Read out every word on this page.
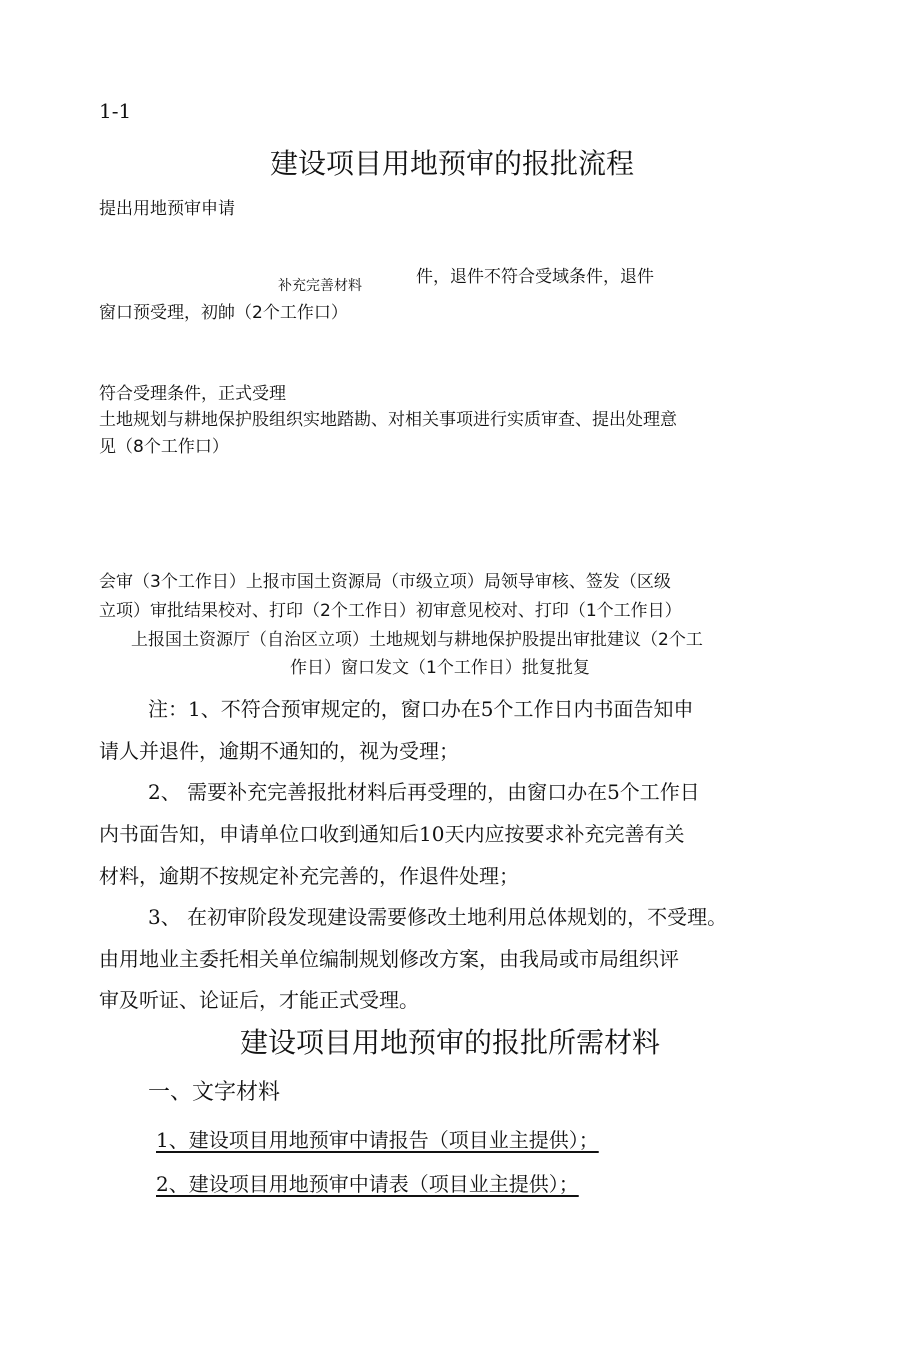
1-1
建设项目用地预审的报批流程
提出用地预审申请
补充完善材料	件，退件不符合受域条件，退件
窗口预受理，初帥（2个工作口）
符合受理条件，正式受理
土地规划与耕地保护股组织实地踏勘、对相关事项进行实质审查、提出处理意
见（8个工作口）
会审（3个工作日）上报市国土资源局（市级立项）局领导审核、签发（区级
立项）审批结果校对、打印（2个工作日）初审意见校对、打印（1个工作日）
上报国土资源厅（自治区立项）土地规划与耕地保护股提出审批建议（2个工
作日）窗口发文（1个工作日）批复批复
注：1、不符合预审规定的，窗口办在5个工作日内书面告知申
请人并退件，逾期不通知的，视为受理；
2、 需要补充完善报批材料后再受理的，由窗口办在5个工作日
内书面告知，申请单位口收到通知后10天内应按要求补充完善有关
材料，逾期不按规定补充完善的，作退件处理；
3、 在初审阶段发现建设需要修改土地利用总体规划的，不受理。
由用地业主委托相关单位编制规划修改方案，由我局或市局组织评
审及听证、论证后，才能正式受理。
建设项目用地预审的报批所需材料
一、文字材料
1、建设项目用地预审中请报告（项目业主提供）；
2、建设项目用地预审中请表（项目业主提供）；
